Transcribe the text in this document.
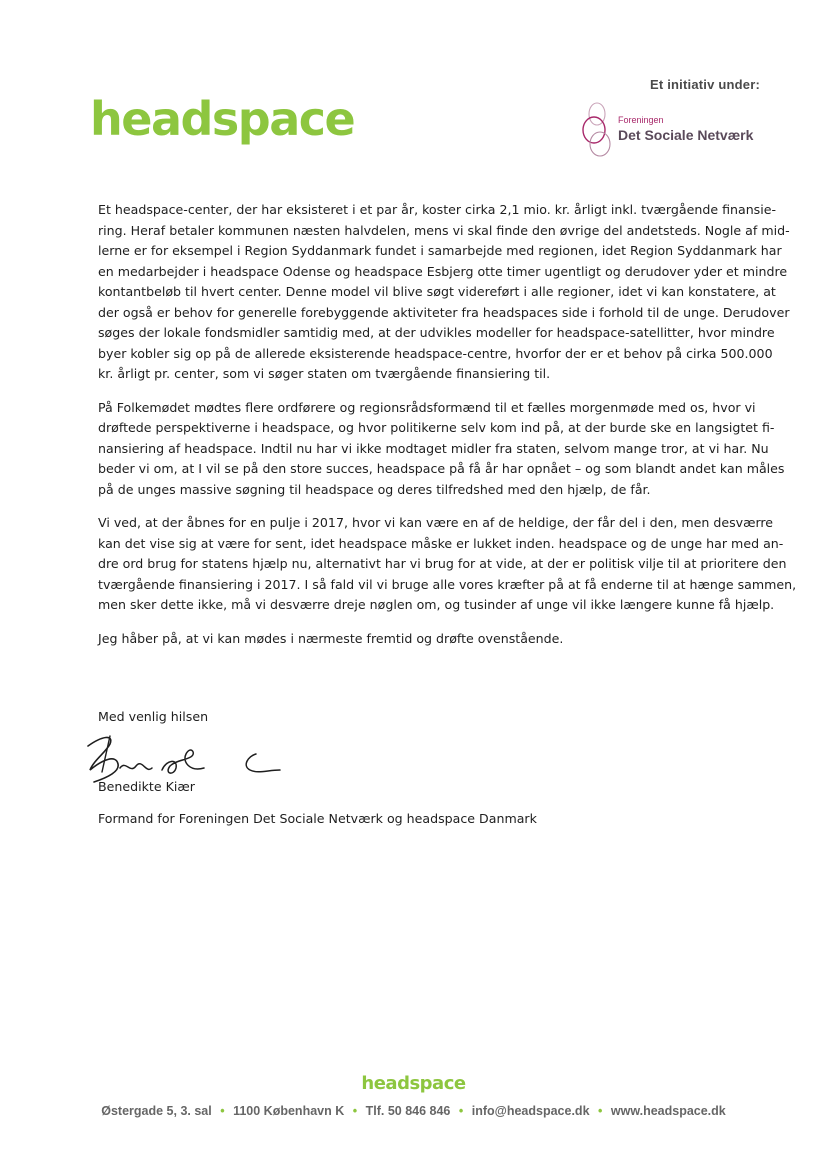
Et initiativ under:
headspace	Foreningen
Det Sociale Netværk

Et headspace-center, der har eksisteret i et par år, koster cirka 2,1 mio. kr. årligt inkl. tværgående finansie-
ring. Heraf betaler kommunen næsten halvdelen, mens vi skal finde den øvrige del andetsteds. Nogle af mid-
lerne er for eksempel i Region Syddanmark fundet i samarbejde med regionen, idet Region Syddanmark har
en medarbejder i headspace Odense og headspace Esbjerg otte timer ugentligt og derudover yder et mindre
kontantbeløb til hvert center. Denne model vil blive søgt videreført i alle regioner, idet vi kan konstatere, at
der også er behov for generelle forebyggende aktiviteter fra headspaces side i forhold til de unge. Derudover
søges der lokale fondsmidler samtidig med, at der udvikles modeller for headspace-satellitter, hvor mindre
byer kobler sig op på de allerede eksisterende headspace-centre, hvorfor der er et behov på cirka 500.000
kr. årligt pr. center, som vi søger staten om tværgående finansiering til.

På Folkemødet mødtes flere ordførere og regionsrådsformænd til et fælles morgenmøde med os, hvor vi
drøftede perspektiverne i headspace, og hvor politikerne selv kom ind på, at der burde ske en langsigtet fi-
nansiering af headspace. Indtil nu har vi ikke modtaget midler fra staten, selvom mange tror, at vi har. Nu
beder vi om, at I vil se på den store succes, headspace på få år har opnået – og som blandt andet kan måles
på de unges massive søgning til headspace og deres tilfredshed med den hjælp, de får.

Vi ved, at der åbnes for en pulje i 2017, hvor vi kan være en af de heldige, der får del i den, men desværre
kan det vise sig at være for sent, idet headspace måske er lukket inden. headspace og de unge har med an-
dre ord brug for statens hjælp nu, alternativt har vi brug for at vide, at der er politisk vilje til at prioritere den
tværgående finansiering i 2017. I så fald vil vi bruge alle vores kræfter på at få enderne til at hænge sammen,
men sker dette ikke, må vi desværre dreje nøglen om, og tusinder af unge vil ikke længere kunne få hjælp.

Jeg håber på, at vi kan mødes i nærmeste fremtid og drøfte ovenstående.

Med venlig hilsen
Benedikte Kiær
Formand for Foreningen Det Sociale Netværk og headspace Danmark
headspace
Østergade 5, 3. sal • 1100 København K • Tlf. 50 846 846 • info@headspace.dk • www.headspace.dk
